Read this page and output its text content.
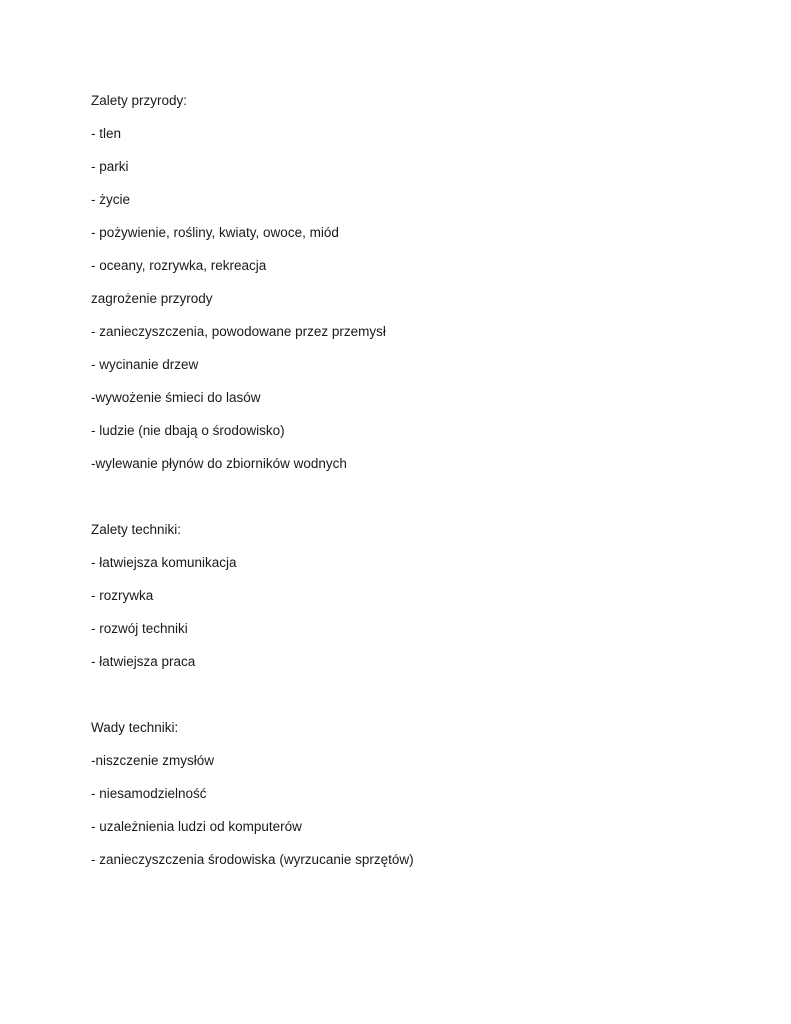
Zalety przyrody:
- tlen
- parki
- życie
- pożywienie, rośliny, kwiaty, owoce, miód
- oceany, rozrywka, rekreacja
zagrożenie przyrody
- zanieczyszczenia, powodowane przez przemysł
- wycinanie drzew
-wywożenie śmieci do lasów
- ludzie (nie dbają o środowisko)
-wylewanie płynów do zbiorników wodnych
Zalety techniki:
- łatwiejsza komunikacja
- rozrywka
- rozwój techniki
- łatwiejsza praca
Wady techniki:
-niszczenie zmysłów
- niesamodzielność
- uzależnienia ludzi od komputerów
- zanieczyszczenia środowiska (wyrzucanie sprzętów)
